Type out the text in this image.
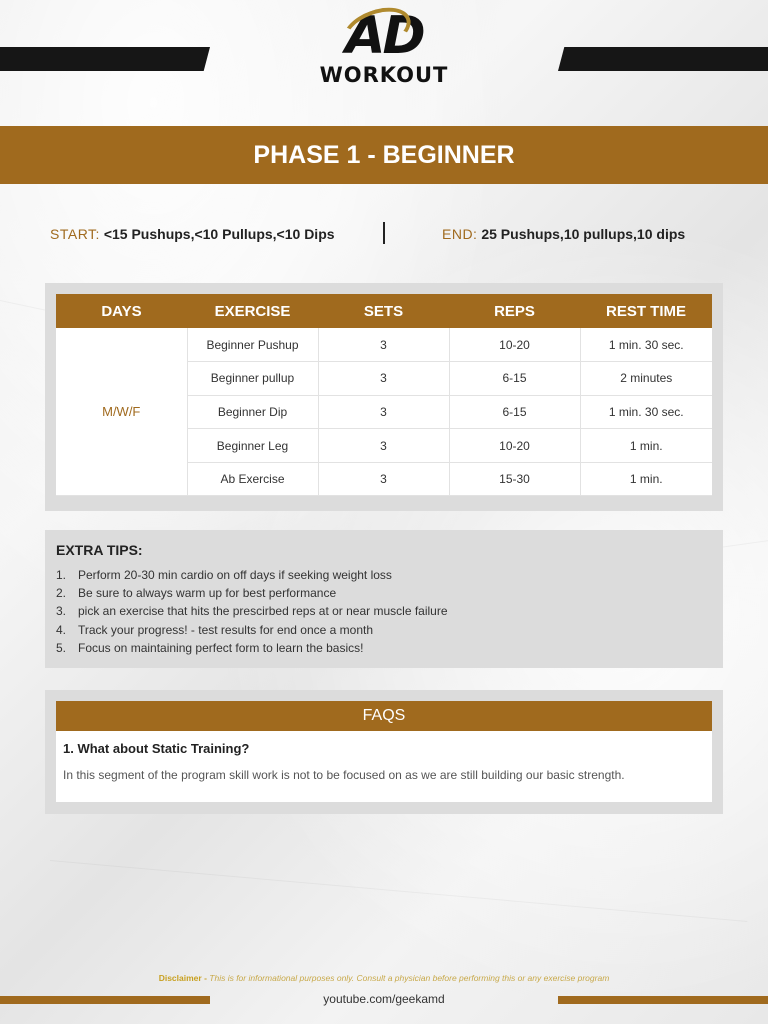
AD
WORKOUT
PHASE 1 - BEGINNER
START: <15 Pushups,<10 Pullups,<10 Dips	END: 25 Pushups,10 pullups,10 dips
DAYS	EXERCISE	SETS	REPS	REST TIME
M/W/F	Beginner Pushup	3	10-20	1 min. 30 sec.
	Beginner pullup	3	6-15	2 minutes
	Beginner Dip	3	6-15	1 min. 30 sec.
	Beginner Leg	3	10-20	1 min.
	Ab Exercise	3	15-30	1 min.
EXTRA TIPS:
1. Perform 20-30 min cardio on off days if seeking weight loss
2. Be sure to always warm up for best performance
3. pick an exercise that hits the prescirbed reps at or near muscle failure
4. Track your progress! - test results for end once a month
5. Focus on maintaining perfect form to learn the basics!
FAQS
1. What about Static Training?
In this segment of the program skill work is not to be focused on as we are still building our basic strength.
Disclaimer - This is for informational purposes only. Consult a physician before performing this or any exercise program
youtube.com/geekamd
